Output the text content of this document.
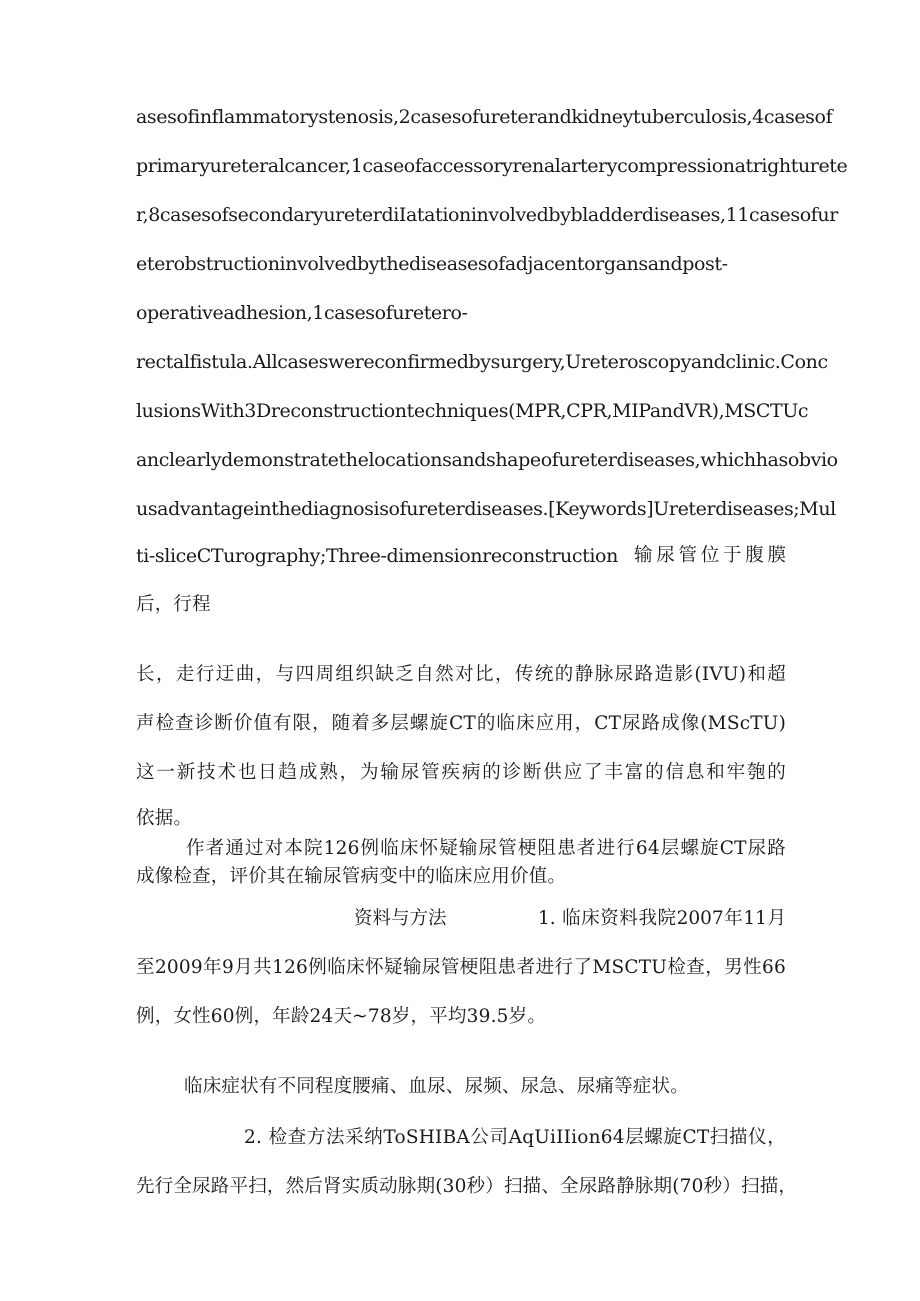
asesofinflammatorystenosis,2casesofureterandkidneytuberculosis,4casesof
primaryureteralcancer,1caseofaccessoryrenalarterycompressionatrighturetе
r,8casesofsecondaryureterdiIatationinvolvedbybladderdiseases,11casesofur
eterobstructioninvolvedbythediseasesofadjacentorgansandpost-
operativeadhesion,1casesofuretero-
rectalfistula.Allcaseswereconfirmedbysurgery,Ureteroscopyandclinic.Conc
lusionsWith3Dreconstructiontechniques(MPR,CPR,MIPandVR),MSCTUc
anclearlydemonstratethelocationsandshapeofureterdiseases,whichhasobvio
usadvantageinthediagnosisofureterdiseases.[Keywords]Ureterdiseases;Mul
ti-sliceCTurography;Three-dimensionreconstruction 输尿管位于腹膜
后，行程
长，走行迂曲，与四周组织缺乏自然对比，传统的静脉尿路造影(IVU)和超
声检查诊断价值有限，随着多层螺旋CT的临床应用，CT尿路成像(MScTU)
这一新技术也日趋成熟，为输尿管疾病的诊断供应了丰富的信息和牢匏的
依据。
作者通过对本院126例临床怀疑输尿管梗阻患者进行64层螺旋CT尿路
成像检查，评价其在输尿管病变中的临床应用价值。
资料与方法	1. 临床资料我院2007年11月
至2009年9月共126例临床怀疑输尿管梗阻患者进行了MSCTU检查，男性66
例，女性60例，年龄24天~78岁，平均39.5岁。
临床症状有不同程度腰痛、血尿、尿频、尿急、尿痛等症状。
2. 检查方法采纳ToSHIBA公司AqUiIIion64层螺旋CT扫描仪，
先行全尿路平扫，然后肾实质动脉期(30秒）扫描、全尿路静脉期(70秒）扫描，
